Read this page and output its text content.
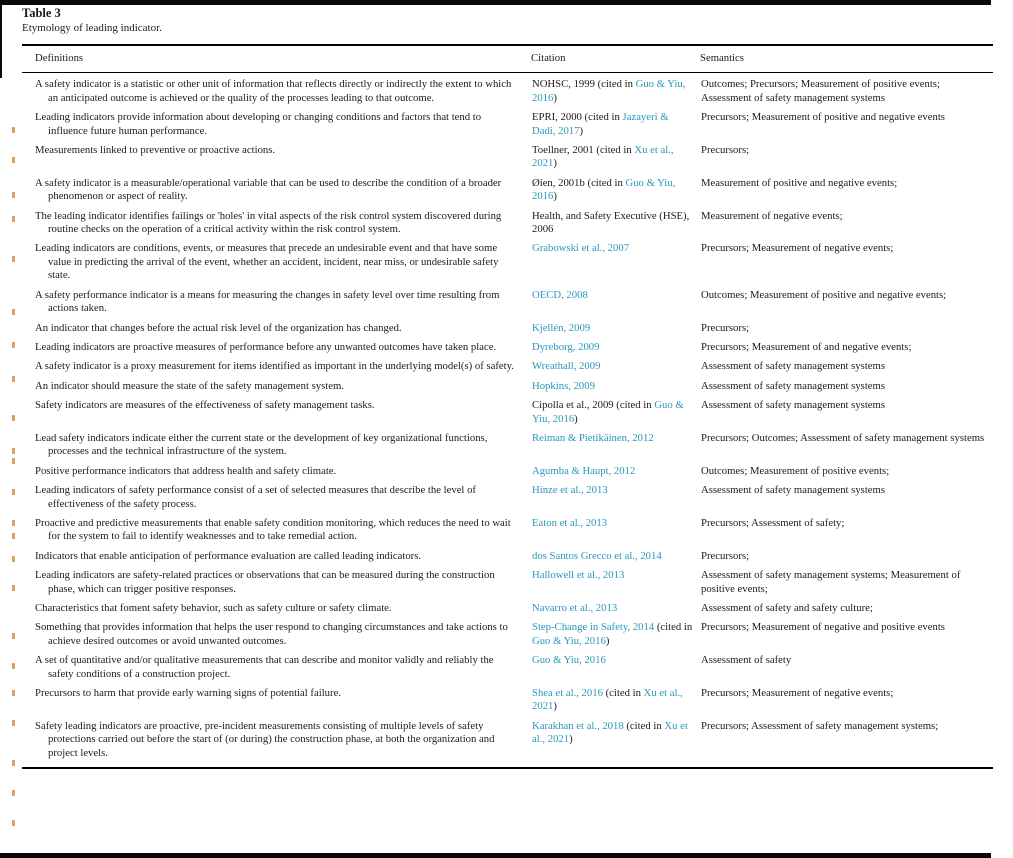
Table 3
Etymology of leading indicator.
Definitions	Citation	Semantics
A safety indicator is a statistic or other unit of information that reflects directly or indirectly the extent to which an anticipated outcome is achieved or the quality of the processes leading to that outcome.	NOHSC, 1999 (cited in Guo & Yiu, 2016)	Outcomes; Precursors; Measurement of positive events; Assessment of safety management systems
Leading indicators provide information about developing or changing conditions and factors that tend to influence future human performance.	EPRI, 2000 (cited in Jazayeri & Dadi, 2017)	Precursors; Measurement of positive and negative events
Measurements linked to preventive or proactive actions.	Toellner, 2001 (cited in Xu et al., 2021)	Precursors;
A safety indicator is a measurable/operational variable that can be used to describe the condition of a broader phenomenon or aspect of reality.	Øien, 2001b (cited in Guo & Yiu, 2016)	Measurement of positive and negative events;
The leading indicator identifies failings or 'holes' in vital aspects of the risk control system discovered during routine checks on the operation of a critical activity within the risk control system.	Health, and Safety Executive (HSE), 2006	Measurement of negative events;
Leading indicators are conditions, events, or measures that precede an undesirable event and that have some value in predicting the arrival of the event, whether an accident, incident, near miss, or undesirable safety state.	Grabowski et al., 2007	Precursors; Measurement of negative events;
A safety performance indicator is a means for measuring the changes in safety level over time resulting from actions taken.	OECD, 2008	Outcomes; Measurement of positive and negative events;
An indicator that changes before the actual risk level of the organization has changed.	Kjellén, 2009	Precursors;
Leading indicators are proactive measures of performance before any unwanted outcomes have taken place.	Dyreborg, 2009	Precursors; Measurement of and negative events;
A safety indicator is a proxy measurement for items identified as important in the underlying model(s) of safety.	Wreathall, 2009	Assessment of safety management systems
An indicator should measure the state of the safety management system.	Hopkins, 2009	Assessment of safety management systems
Safety indicators are measures of the effectiveness of safety management tasks.	Cipolla et al., 2009 (cited in Guo & Yiu, 2016)	Assessment of safety management systems
Lead safety indicators indicate either the current state or the development of key organizational functions, processes and the technical infrastructure of the system.	Reiman & Pietikäinen, 2012	Precursors; Outcomes; Assessment of safety management systems
Positive performance indicators that address health and safety climate.	Agumba & Haupt, 2012	Outcomes; Measurement of positive events;
Leading indicators of safety performance consist of a set of selected measures that describe the level of effectiveness of the safety process.	Hinze et al., 2013	Assessment of safety management systems
Proactive and predictive measurements that enable safety condition monitoring, which reduces the need to wait for the system to fail to identify weaknesses and to take remedial action.	Eaton et al., 2013	Precursors; Assessment of safety;
Indicators that enable anticipation of performance evaluation are called leading indicators.	dos Santos Grecco et al., 2014	Precursors;
Leading indicators are safety-related practices or observations that can be measured during the construction phase, which can trigger positive responses.	Hallowell et al., 2013	Assessment of safety management systems; Measurement of positive events;
Characteristics that foment safety behavior, such as safety culture or safety climate.	Navarro et al., 2013	Assessment of safety and safety culture;
Something that provides information that helps the user respond to changing circumstances and take actions to achieve desired outcomes or avoid unwanted outcomes.	Step-Change in Safety, 2014 (cited in Guo & Yiu, 2016)	Precursors; Measurement of negative and positive events
A set of quantitative and/or qualitative measurements that can describe and monitor validly and reliably the safety conditions of a construction project.	Guo & Yiu, 2016	Assessment of safety
Precursors to harm that provide early warning signs of potential failure.	Shea et al., 2016 (cited in Xu et al., 2021)	Precursors; Measurement of negative events;
Safety leading indicators are proactive, pre-incident measurements consisting of multiple levels of safety protections carried out before the start of (or during) the construction phase, at both the organization and project levels.	Karakhan et al., 2018 (cited in Xu et al., 2021)	Precursors; Assessment of safety management systems;
